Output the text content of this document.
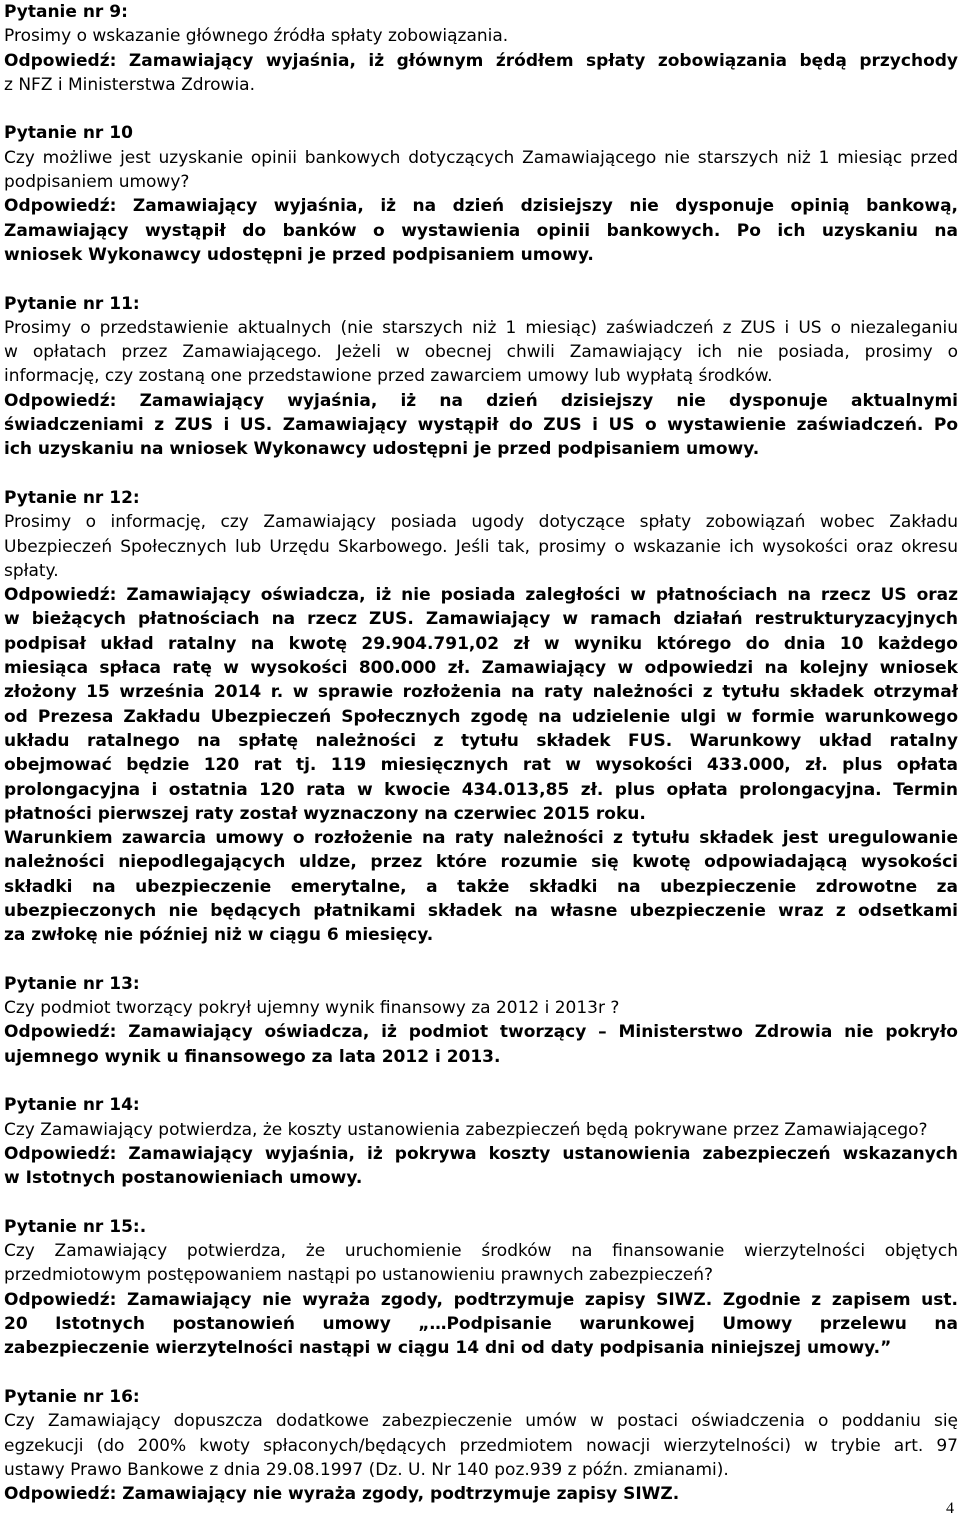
Pytanie nr 9:

Prosimy o wskazanie głównego źródła spłaty zobowiązania.

Odpowiedź: Zamawiający wyjaśnia, iż głównym źródłem spłaty zobowiązania będą przychody

z NFZ i Ministerstwa Zdrowia.

Pytanie nr 10

Czy możliwe jest uzyskanie opinii bankowych dotyczących Zamawiającego nie starszych niż 1 miesiąc przed

podpisaniem umowy?

Odpowiedź: Zamawiający wyjaśnia, iż na dzień dzisiejszy nie dysponuje opinią bankową,

Zamawiający wystąpił do banków o wystawienia opinii bankowych. Po ich uzyskaniu na

wniosek Wykonawcy udostępni je przed podpisaniem umowy.

Pytanie nr 11:

Prosimy o przedstawienie aktualnych (nie starszych niż 1 miesiąc) zaświadczeń z ZUS i US o niezaleganiu

w opłatach przez Zamawiającego. Jeżeli w obecnej chwili Zamawiający ich nie posiada, prosimy o

informację, czy zostaną one przedstawione przed zawarciem umowy lub wypłatą środków.

Odpowiedź: Zamawiający wyjaśnia, iż na dzień dzisiejszy nie dysponuje aktualnymi

świadczeniami z ZUS i US. Zamawiający wystąpił do ZUS i US o wystawienie zaświadczeń. Po

ich uzyskaniu na wniosek Wykonawcy udostępni je przed podpisaniem umowy.

Pytanie nr 12:

Prosimy o informację, czy Zamawiający posiada ugody dotyczące spłaty zobowiązań wobec Zakładu

Ubezpieczeń Społecznych lub Urzędu Skarbowego. Jeśli tak, prosimy o wskazanie ich wysokości oraz okresu

spłaty.

Odpowiedź: Zamawiający oświadcza, iż nie posiada zaległości w płatnościach na rzecz US oraz

w bieżących płatnościach na rzecz ZUS. Zamawiający w ramach działań restrukturyzacyjnych

podpisał układ ratalny na kwotę 29.904.791,02 zł w wyniku którego do dnia 10 każdego

miesiąca spłaca ratę w wysokości 800.000 zł. Zamawiający w odpowiedzi na kolejny wniosek

złożony 15 września 2014 r. w sprawie rozłożenia na raty należności z tytułu składek otrzymał

od Prezesa Zakładu Ubezpieczeń Społecznych zgodę na udzielenie ulgi w formie warunkowego

układu ratalnego na spłatę należności z tytułu składek FUS. Warunkowy układ ratalny

obejmować będzie 120 rat tj. 119 miesięcznych rat w wysokości 433.000, zł. plus opłata

prolongacyjna i ostatnia 120 rata w kwocie 434.013,85 zł. plus opłata prolongacyjna. Termin

płatności pierwszej raty został wyznaczony na czerwiec 2015 roku.

Warunkiem zawarcia umowy o rozłożenie na raty należności z tytułu składek jest uregulowanie

należności niepodlegających uldze, przez które rozumie się kwotę odpowiadającą wysokości

składki na ubezpieczenie emerytalne, a także składki na ubezpieczenie zdrowotne za

ubezpieczonych nie będących płatnikami składek na własne ubezpieczenie wraz z odsetkami

za zwłokę nie później niż w ciągu 6 miesięcy.

Pytanie nr 13:

Czy podmiot tworzący pokrył ujemny wynik finansowy za 2012 i 2013r ?

Odpowiedź: Zamawiający oświadcza, iż podmiot tworzący – Ministerstwo Zdrowia nie pokryło

ujemnego wynik u finansowego za lata 2012 i 2013.

Pytanie nr 14:

Czy Zamawiający potwierdza, że koszty ustanowienia zabezpieczeń będą pokrywane przez Zamawiającego?

Odpowiedź: Zamawiający wyjaśnia, iż pokrywa koszty ustanowienia zabezpieczeń wskazanych

w Istotnych postanowieniach umowy.

Pytanie nr 15:.

Czy Zamawiający potwierdza, że uruchomienie środków na finansowanie wierzytelności objętych

przedmiotowym postępowaniem nastąpi po ustanowieniu prawnych zabezpieczeń?

Odpowiedź: Zamawiający nie wyraża zgody, podtrzymuje zapisy SIWZ. Zgodnie z zapisem ust.

20 Istotnych postanowień umowy „…Podpisanie warunkowej Umowy przelewu na

zabezpieczenie wierzytelności nastąpi w ciągu 14 dni od daty podpisania niniejszej umowy.”

Pytanie nr 16:

Czy Zamawiający dopuszcza dodatkowe zabezpieczenie umów w postaci oświadczenia o poddaniu się

egzekucji (do 200% kwoty spłaconych/będących przedmiotem nowacji wierzytelności) w trybie art. 97

ustawy Prawo Bankowe z dnia 29.08.1997 (Dz. U. Nr 140 poz.939 z późn. zmianami).

Odpowiedź: Zamawiający nie wyraża zgody, podtrzymuje zapisy SIWZ.

4
